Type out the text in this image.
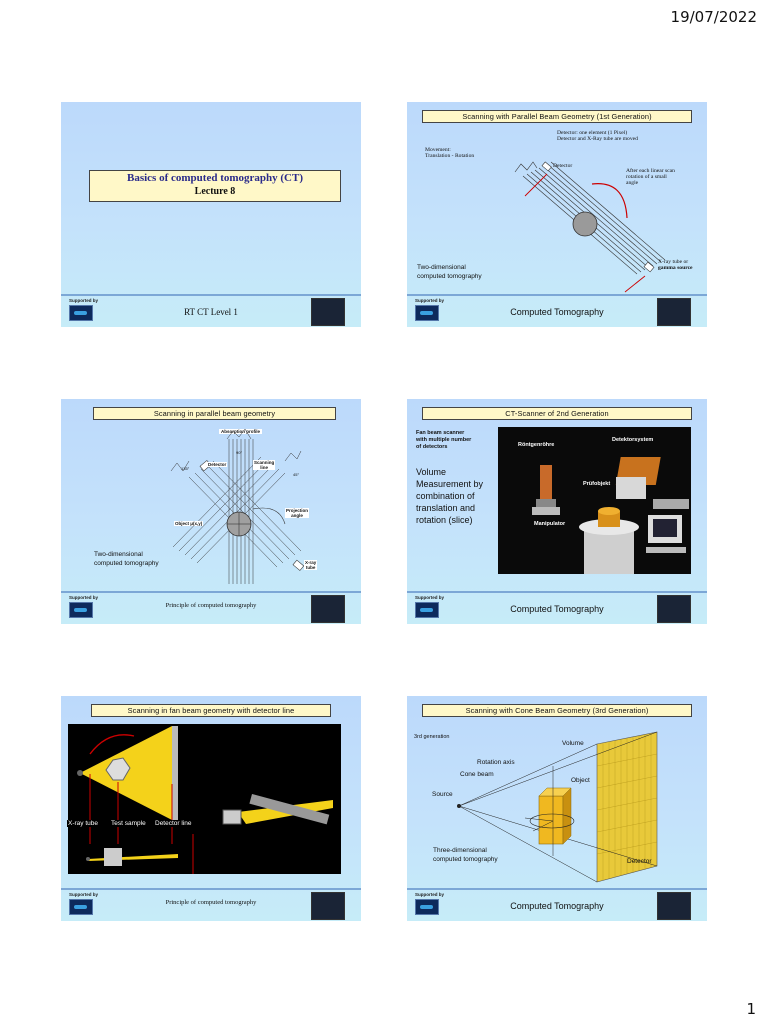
19/07/2022
Basics of computed tomography (CT)
Lecture 8
Supported by
RT CT Level 1
Scanning with Parallel Beam Geometry (1st Generation)
Detector: one element (1 Pixel)
Detector and X-Ray tube are moved
Movement:
Translation - Rotation
Detector
After each linear scan
rotation of a small
angle
Two-dimensional
computed tomography
X-ray tube or
gamma source
Supported by
Computed Tomography
Scanning in parallel beam geometry
Absorption profile
90°
135°
45°
Detector	Scanning
line
Projection
angle
Object μ(x,y)
X-ray
tube
Two-dimensional
computed tomography
Supported by
Principle of computed tomography
CT-Scanner of 2nd Generation
Fan beam scanner
with multiple number
of detectors
Volume
Measurement by
combination of
translation and
rotation (slice)
Röntgenröhre
Detektorsystem
Prüfobjekt
Manipulator
Supported by
Computed Tomography
Scanning in fan beam geometry with detector line
X-ray tube Test sample Detector line
Supported by
Principle of computed tomography
Scanning with Cone Beam Geometry (3rd Generation)
3rd generation
Volume
Rotation axis
Cone beam
Object
Source
Three-dimensional
computed tomography	Detector
Supported by
Computed Tomography
1
